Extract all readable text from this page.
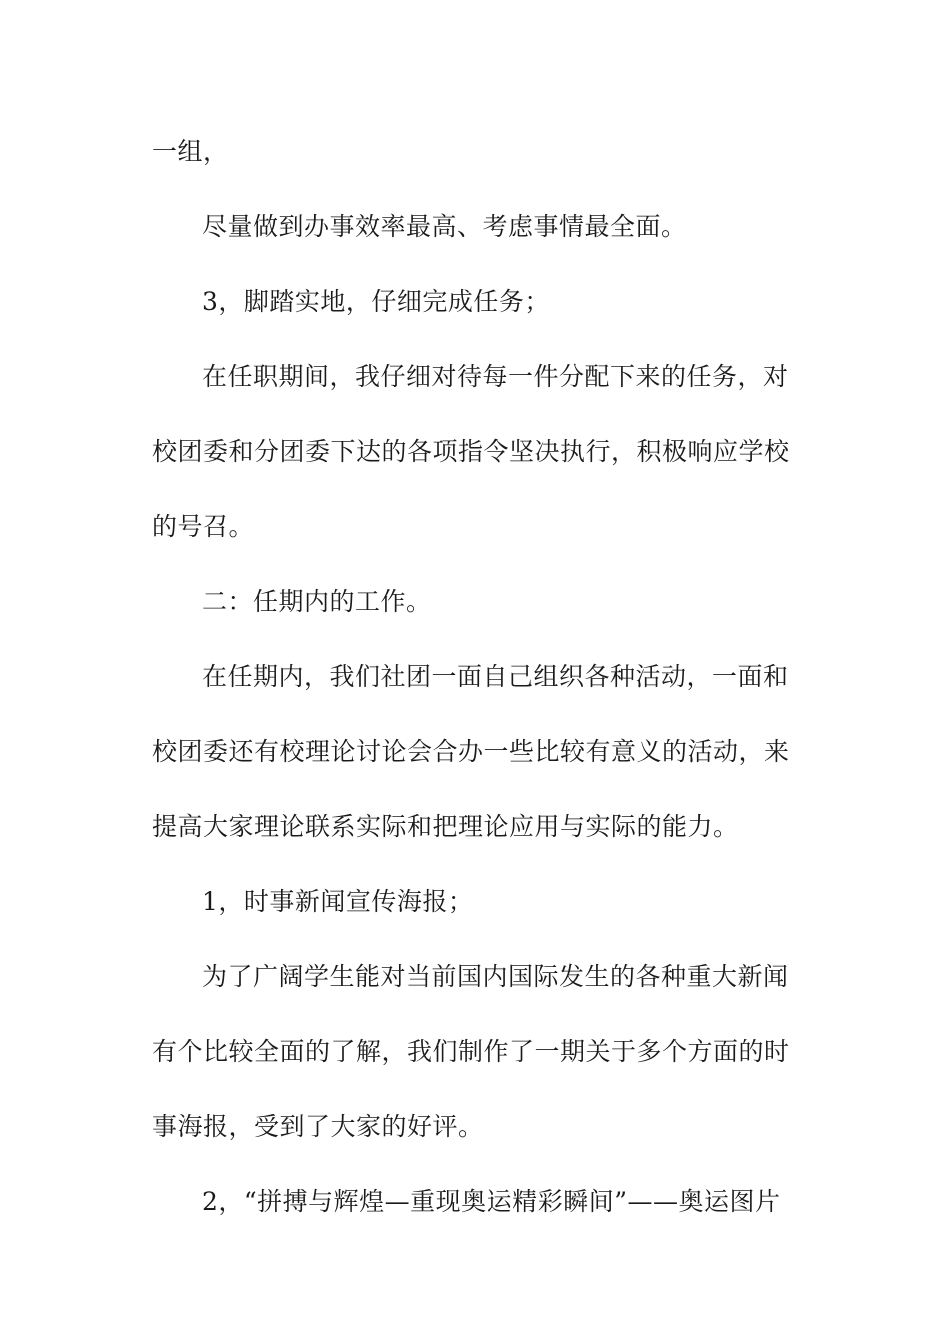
一组，
尽量做到办事效率最高、考虑事情最全面。
3，脚踏实地，仔细完成任务；
在任职期间，我仔细对待每一件分配下来的任务，对
校团委和分团委下达的各项指令坚决执行，积极响应学校
的号召。
二：任期内的工作。
在任期内，我们社团一面自己组织各种活动，一面和
校团委还有校理论讨论会合办一些比较有意义的活动，来
提高大家理论联系实际和把理论应用与实际的能力。
1，时事新闻宣传海报；
为了广阔学生能对当前国内国际发生的各种重大新闻
有个比较全面的了解，我们制作了一期关于多个方面的时
事海报，受到了大家的好评。
2，“拼搏与辉煌—重现奥运精彩瞬间”——奥运图片
